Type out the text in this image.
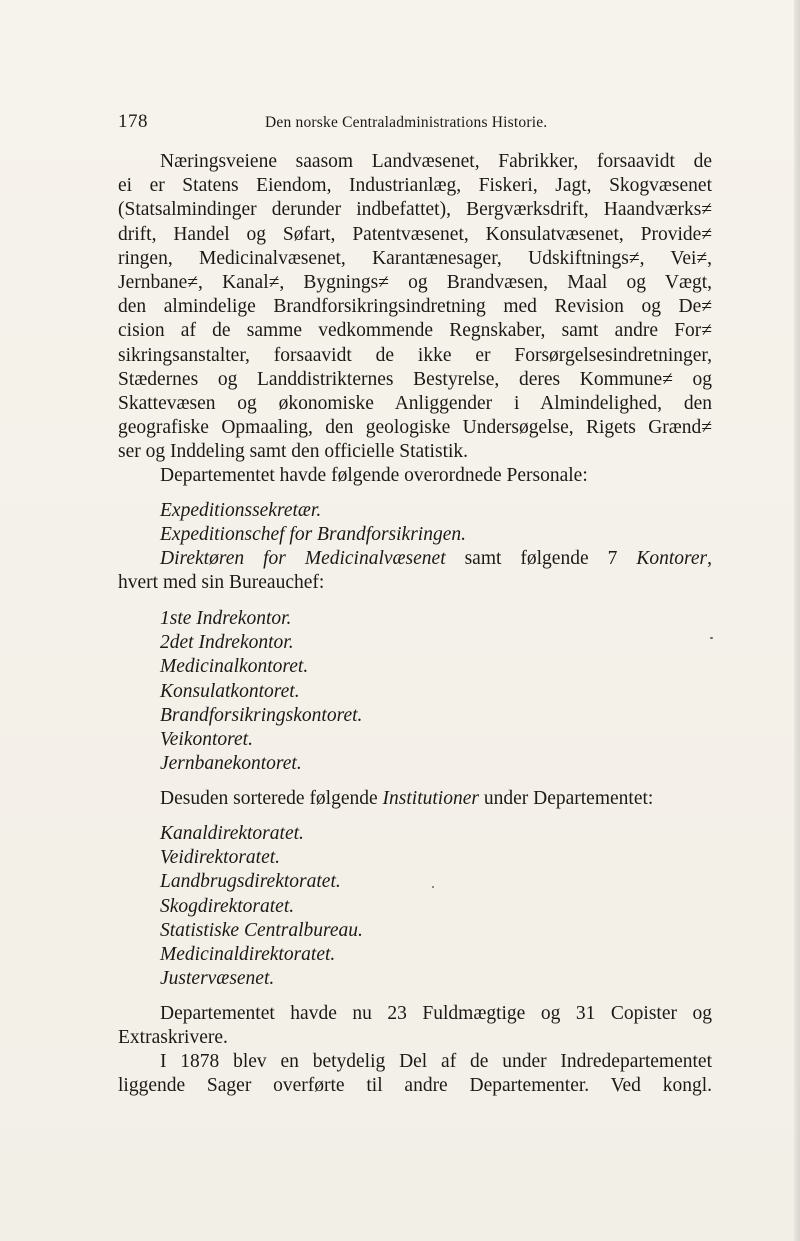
178	Den norske Centraladministrations Historie.
Næringsveiene saasom Landvæsenet, Fabrikker, forsaavidt de
ei er Statens Eiendom, Industrianlæg, Fiskeri, Jagt, Skogvæsenet
(Statsalmindinger derunder indbefattet), Bergværksdrift, Haandværks≠
drift, Handel og Søfart, Patentvæsenet, Konsulatvæsenet, Provide≠
ringen, Medicinalvæsenet, Karantænesager, Udskiftnings≠, Vei≠,
Jernbane≠, Kanal≠, Bygnings≠ og Brandvæsen, Maal og Vægt,
den almindelige Brandforsikringsindretning med Revision og De≠
cision af de samme vedkommende Regnskaber, samt andre For≠
sikringsanstalter, forsaavidt de ikke er Forsørgelsesindretninger,
Stædernes og Landdistrikternes Bestyrelse, deres Kommune≠ og
Skattevæsen og økonomiske Anliggender i Almindelighed, den
geografiske Opmaaling, den geologiske Undersøgelse, Rigets Grænd≠
ser og Inddeling samt den officielle Statistik.
Departementet havde følgende overordnede Personale:
Expeditionssekretær.
Expeditionschef for Brandforsikringen.
Direktøren for Medicinalvæsenet samt følgende 7 Kontorer,
hvert med sin Bureauchef:
1ste Indrekontor.
2det Indrekontor.
Medicinalkontoret.
Konsulatkontoret.
Brandforsikringskontoret.
Veikontoret.
Jernbanekontoret.
Desuden sorterede følgende Institutioner under Departementet:
Kanaldirektoratet.
Veidirektoratet.
Landbrugsdirektoratet.
Skogdirektoratet.
Statistiske Centralbureau.
Medicinaldirektoratet.
Justervæsenet.
Departementet havde nu 23 Fuldmægtige og 31 Copister og
Extraskrivere.
I 1878 blev en betydelig Del af de under Indredepartementet
liggende Sager overførte til andre Departementer. Ved kongl.
